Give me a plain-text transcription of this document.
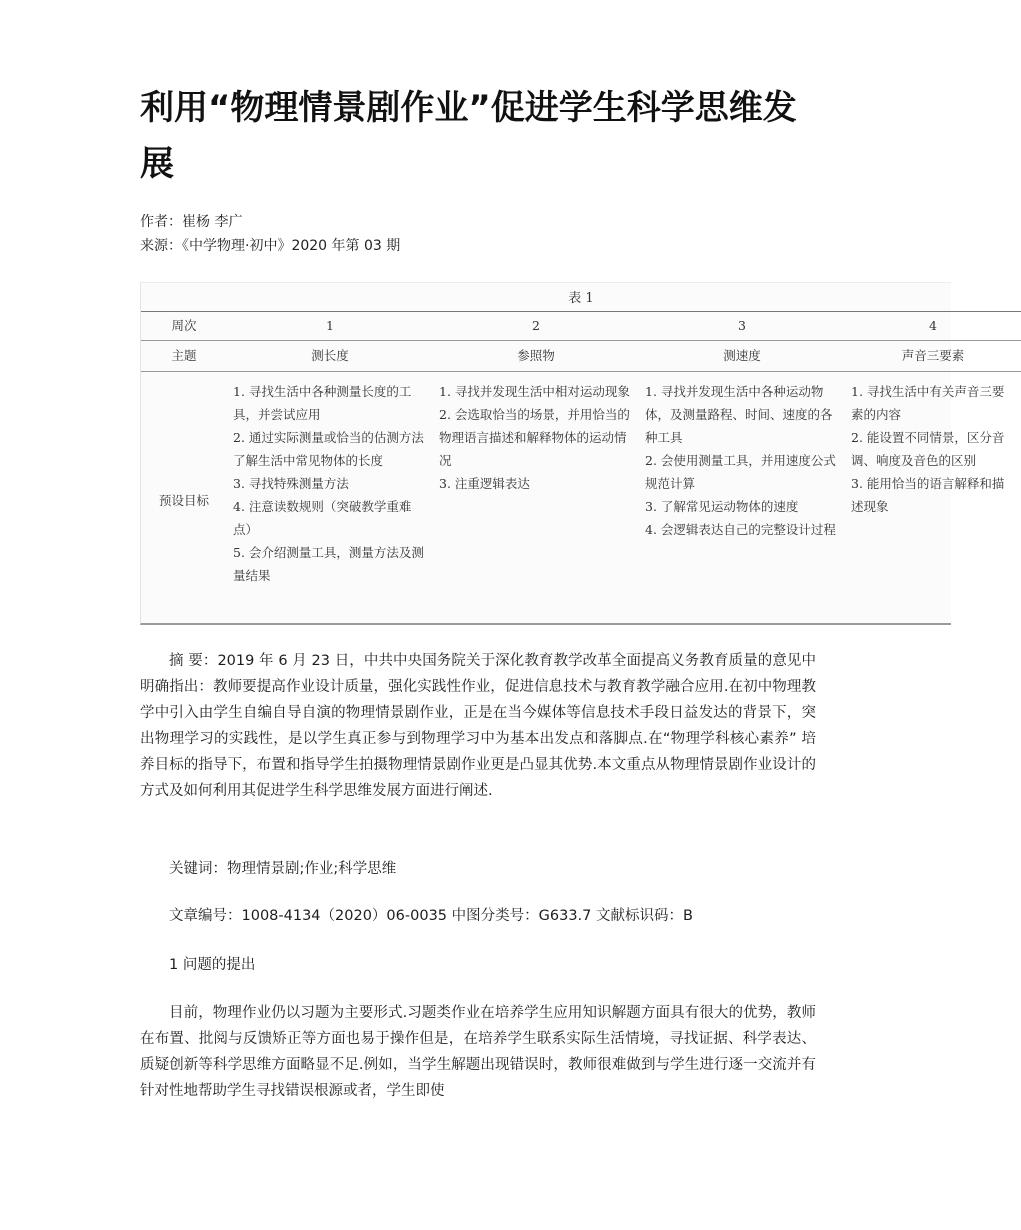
利用“物理情景剧作业”促进学生科学思维发展
作者：崔杨 李广
来源：《中学物理·初中》2020 年第 03 期
表 1
周次	1	2	3	4
主题	测长度	参照物	测速度	声音三要素
预设目标	1. 寻找生活中各种测量长度的工具，并尝试应用
2. 通过实际测量或恰当的估测方法了解生活中常见物体的长度
3. 寻找特殊测量方法
4. 注意读数规则（突破教学重难点）
5. 会介绍测量工具，测量方法及测量结果	1. 寻找并发现生活中相对运动现象
2. 会选取恰当的场景，并用恰当的物理语言描述和解释物体的运动情况
3. 注重逻辑表达	1. 寻找并发现生活中各种运动物体，及测量路程、时间、速度的各种工具
2. 会使用测量工具，并用速度公式规范计算
3. 了解常见运动物体的速度
4. 会逻辑表达自己的完整设计过程	1. 寻找生活中有关声音三要素的内容
2. 能设置不同情景，区分音调、响度及音色的区别
3. 能用恰当的语言解释和描述现象

摘 要：2019 年 6 月 23 日，中共中央国务院关于深化教育教学改革全面提高义务教育质量的意见中明确指出：教师要提高作业设计质量，强化实践性作业，促进信息技术与教育教学融合应用.在初中物理教学中引入由学生自编自导自演的物理情景剧作业，正是在当今媒体等信息技术手段日益发达的背景下，突出物理学习的实践性，是以学生真正参与到物理学习中为基本出发点和落脚点.在“物理学科核心素养” 培养目标的指导下，布置和指导学生拍摄物理情景剧作业更是凸显其优势.本文重点从物理情景剧作业设计的方式及如何利用其促进学生科学思维发展方面进行阐述.

关键词：物理情景剧;作业;科学思维

文章编号：1008-4134（2020）06-0035 中图分类号：G633.7 文献标识码：B

1 问题的提出

目前，物理作业仍以习题为主要形式.习题类作业在培养学生应用知识解题方面具有很大的优势，教师在布置、批阅与反馈矫正等方面也易于操作但是，在培养学生联系实际生活情境，寻找证据、科学表达、质疑创新等科学思维方面略显不足.例如，当学生解题出现错误时，教师很难做到与学生进行逐一交流并有针对性地帮助学生寻找错误根源或者，学生即使
